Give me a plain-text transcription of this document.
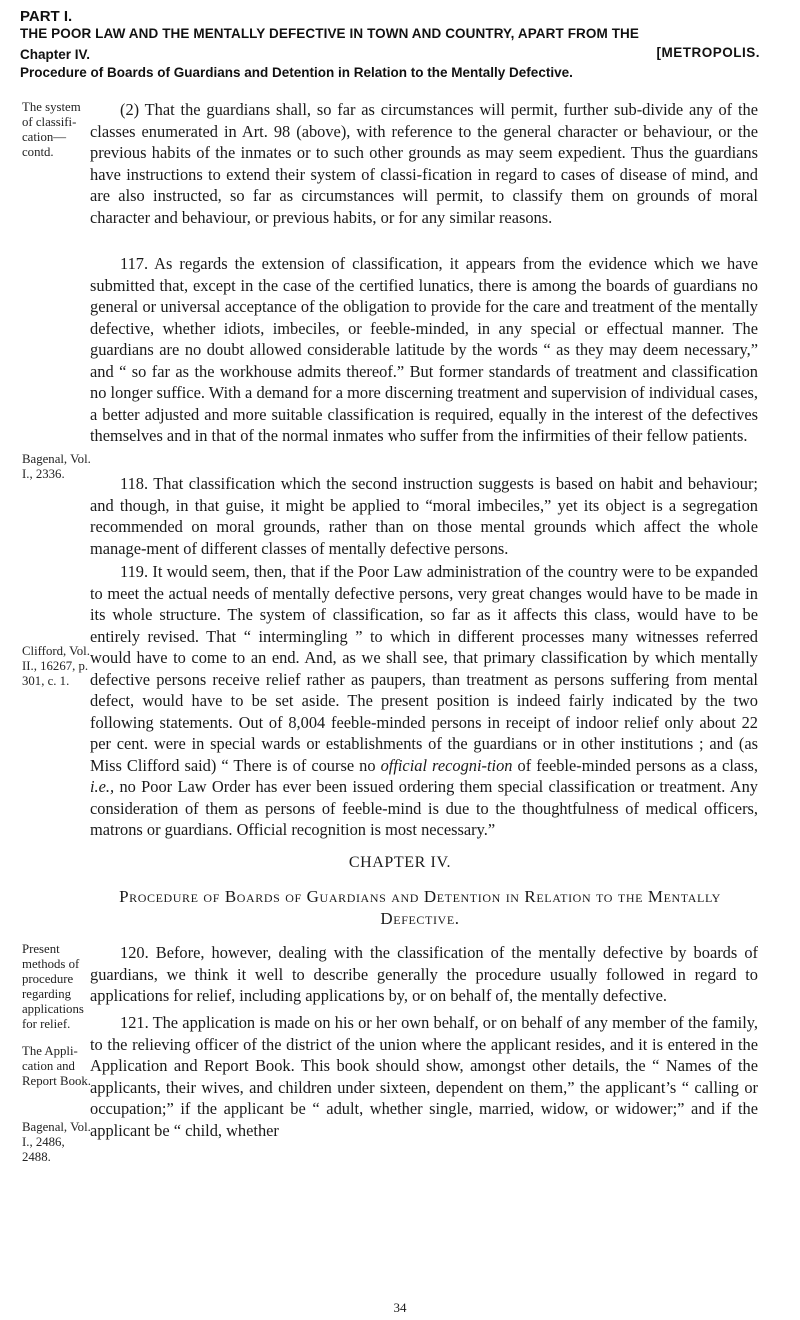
PART I.
THE POOR LAW AND THE MENTALLY DEFECTIVE IN TOWN AND COUNTRY, APART FROM THE
Chapter IV.	[METROPOLIS.
Procedure of Boards of Guardians and Detention in Relation to the Mentally Defective.
The system of classifi-cation—contd.
Bagenal, Vol. I., 2336.
Clifford, Vol. II., 16267, p. 301, c. 1.
Present methods of procedure regarding applications for relief.
The Appli-cation and Report Book.
Bagenal, Vol. I., 2486, 2488.

(2) That the guardians shall, so far as circumstances will permit, further sub-divide any of the classes enumerated in Art. 98 (above), with reference to the general character or behaviour, or the previous habits of the inmates or to such other grounds as may seem expedient. Thus the guardians have instructions to extend their system of classi-fication in regard to cases of disease of mind, and are also instructed, so far as circumstances will permit, to classify them on grounds of moral character and behaviour, or previous habits, or for any similar reasons.

117. As regards the extension of classification, it appears from the evidence which we have submitted that, except in the case of the certified lunatics, there is among the boards of guardians no general or universal acceptance of the obligation to provide for the care and treatment of the mentally defective, whether idiots, imbeciles, or feeble-minded, in any special or effectual manner. The guardians are no doubt allowed considerable latitude by the words “ as they may deem necessary,” and “ so far as the workhouse admits thereof.” But former standards of treatment and classification no longer suffice. With a demand for a more discerning treatment and supervision of individual cases, a better adjusted and more suitable classification is required, equally in the interest of the defectives themselves and in that of the normal inmates who suffer from the infirmities of their fellow patients.

118. That classification which the second instruction suggests is based on habit and behaviour; and though, in that guise, it might be applied to “moral imbeciles,” yet its object is a segregation recommended on moral grounds, rather than on those mental grounds which affect the whole manage-ment of different classes of mentally defective persons.

119. It would seem, then, that if the Poor Law administration of the country were to be expanded to meet the actual needs of mentally defective persons, very great changes would have to be made in its whole structure. The system of classification, so far as it affects this class, would have to be entirely revised. That “ intermingling ” to which in different processes many witnesses referred would have to come to an end. And, as we shall see, that primary classification by which mentally defective persons receive relief rather as paupers, than treatment as persons suffering from mental defect, would have to be set aside. The present position is indeed fairly indicated by the two following statements. Out of 8,004 feeble-minded persons in receipt of indoor relief only about 22 per cent. were in special wards or establishments of the guardians or in other institutions ; and (as Miss Clifford said) “ There is of course no official recogni-tion of feeble-minded persons as a class, i.e., no Poor Law Order has ever been issued ordering them special classification or treatment. Any consideration of them as persons of feeble-mind is due to the thoughtfulness of medical officers, matrons or guardians. Official recognition is most necessary.”

CHAPTER IV.
Procedure of Boards of Guardians and Detention in Relation to the Mentally Defective.

120. Before, however, dealing with the classification of the mentally defective by boards of guardians, we think it well to describe generally the procedure usually followed in regard to applications for relief, including applications by, or on behalf of, the mentally defective.

121. The application is made on his or her own behalf, or on behalf of any member of the family, to the relieving officer of the district of the union where the applicant resides, and it is entered in the Application and Report Book. This book should show, amongst other details, the “ Names of the applicants, their wives, and children under sixteen, dependent on them,” the applicant’s “ calling or occupation;” if the applicant be “ adult, whether single, married, widow, or widower;” and if the applicant be “ child, whether

34
